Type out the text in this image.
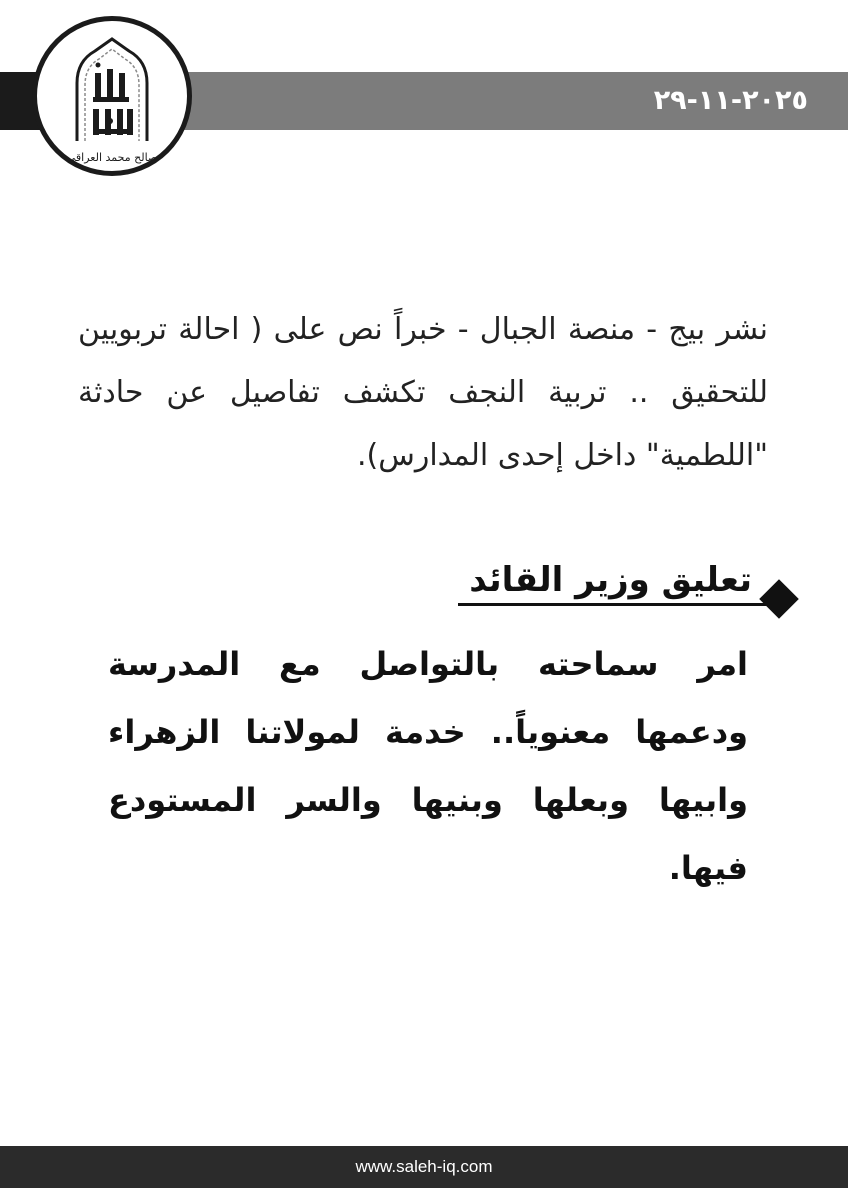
٢٠٢٥-١١-٢٩
صالح محمد العراقي
نشر بيج - منصة الجبال - خبراً نص على ( احالة تربويين للتحقيق .. تربية النجف تكشف تفاصيل عن حادثة "اللطمية" داخل إحدى المدارس).
تعليق وزير القائد
امر سماحته بالتواصل مع المدرسة ودعمها معنوياً.. خدمة لمولاتنا الزهراء وابيها وبعلها وبنيها والسر المستودع فيها.
www.saleh-iq.com
